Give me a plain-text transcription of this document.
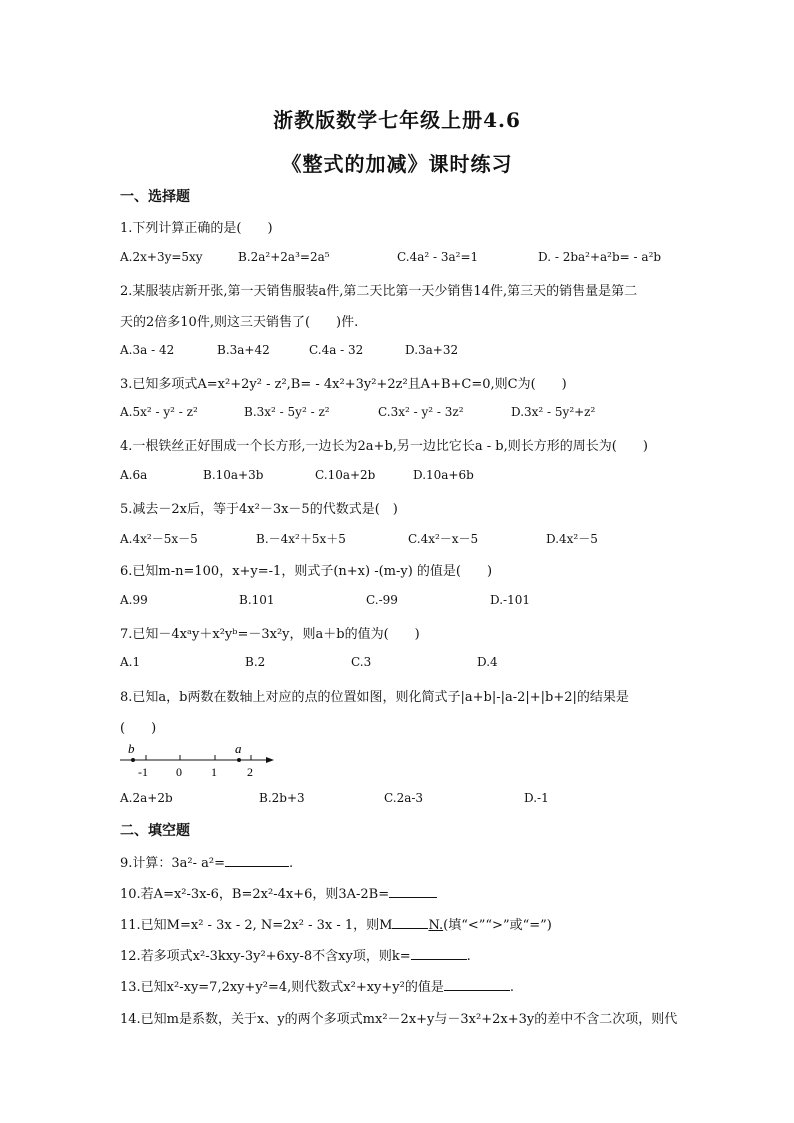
浙教版数学七年级上册4.6
《整式的加减》课时练习
一、选择题
1.下列计算正确的是(　　)
A.2x+3y=5xy	B.2a²+2a³=2a⁵	C.4a² - 3a²=1	D. - 2ba²+a²b= - a²b
2.某服装店新开张,第一天销售服装a件,第二天比第一天少销售14件,第三天的销售量是第二
天的2倍多10件,则这三天销售了(　　)件.
A.3a - 42	B.3a+42	C.4a - 32	D.3a+32
3.已知多项式A=x²+2y² - z²,B= - 4x²+3y²+2z²且A+B+C=0,则C为(　　)
A.5x² - y² - z²	B.3x² - 5y² - z²	C.3x² - y² - 3z²	D.3x² - 5y²+z²
4.一根铁丝正好围成一个长方形,一边长为2a+b,另一边比它长a - b,则长方形的周长为(　　)
A.6a	B.10a+3b	C.10a+2b	D.10a+6b
5.减去－2x后，等于4x²－3x－5的代数式是(　)
A.4x²－5x－5	B.－4x²＋5x＋5	C.4x²－x－5	D.4x²－5
6.已知m-n=100，x+y=-1，则式子(n+x) -(m-y) 的值是(　　)
A.99	B.101	C.-99	D.-101
7.已知－4xᵃy＋x²yᵇ=－3x²y，则a＋b的值为(　　)
A.1	B.2	C.3	D.4
8.已知a，b两数在数轴上对应的点的位置如图，则化简式子|a+b|-|a-2|+|b+2|的结果是
(　　)
b	a
-1 0 1	2
A.2a+2b	B.2b+3	C.2a-3	D.-1
二、填空题
9.计算：3a²- a²=	.
10.若A=x²-3x-6，B=2x²-4x+6，则3A-2B=
11.已知M=x² - 3x - 2, N=2x² - 3x - 1，则M	N.(填“<”“>”或“=”)
12.若多项式x²-3kxy-3y²+6xy-8不含xy项，则k=	.
13.已知x²-xy=7,2xy+y²=4,则代数式x²+xy+y²的值是	.
14.已知m是系数，关于x、y的两个多项式mx²－2x+y与－3x²+2x+3y的差中不含二次项，则代
